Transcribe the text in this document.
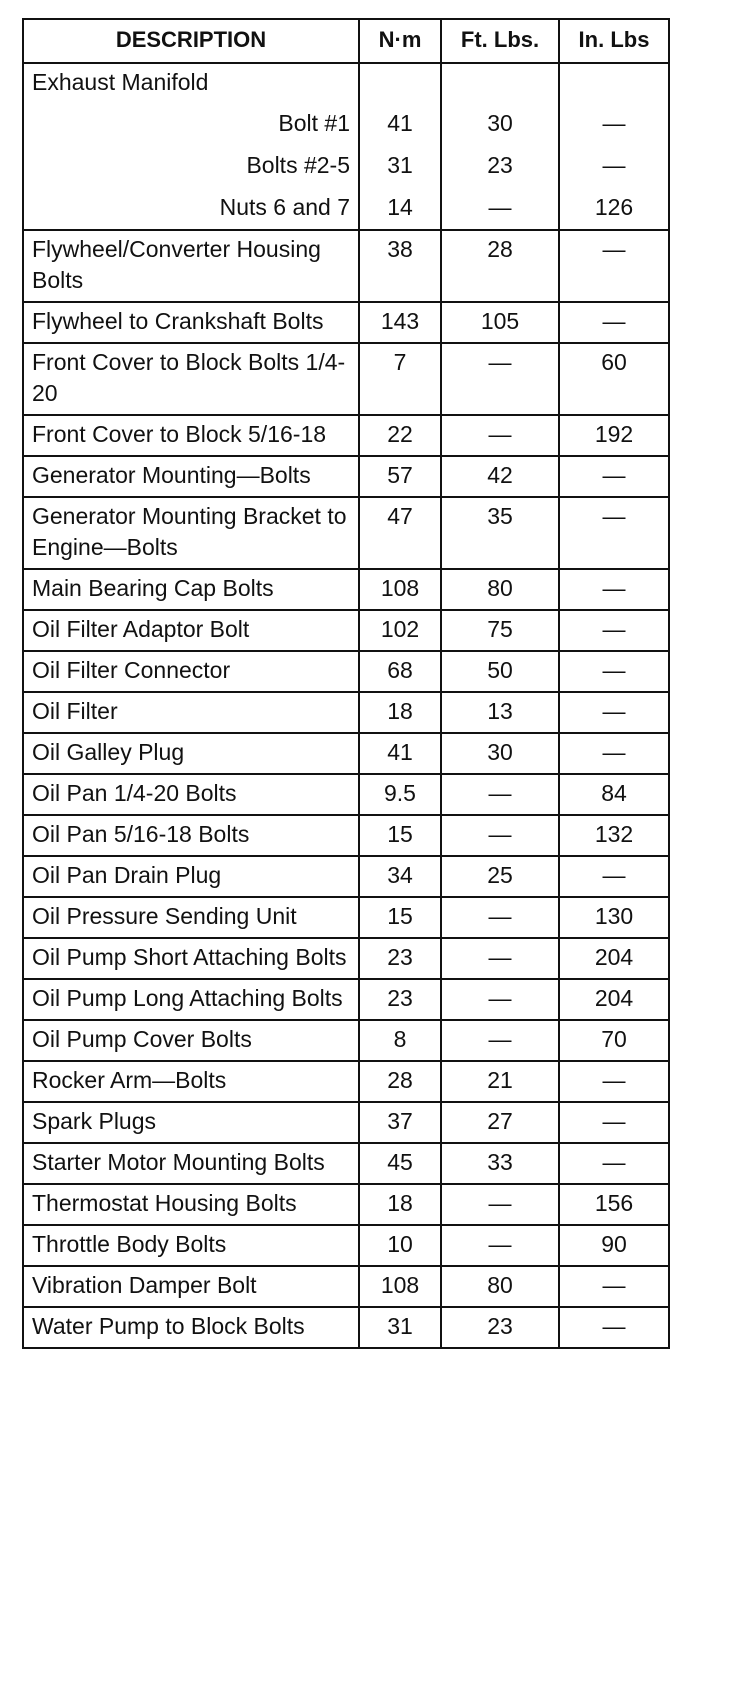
DESCRIPTION	N·m	Ft. Lbs.	In. Lbs
Exhaust Manifold			
Bolt #1	41	30	—
Bolts #2-5	31	23	—
Nuts 6 and 7	14	—	126
Flywheel/Converter Housing Bolts	38	28	—
Flywheel to Crankshaft Bolts	143	105	—
Front Cover to Block Bolts 1/4-20	7	—	60
Front Cover to Block 5/16-18	22	—	192
Generator Mounting—Bolts	57	42	—
Generator Mounting Bracket to Engine—Bolts	47	35	—
Main Bearing Cap Bolts	108	80	—
Oil Filter Adaptor Bolt	102	75	—
Oil Filter Connector	68	50	—
Oil Filter	18	13	—
Oil Galley Plug	41	30	—
Oil Pan 1/4-20 Bolts	9.5	—	84
Oil Pan 5/16-18 Bolts	15	—	132
Oil Pan Drain Plug	34	25	—
Oil Pressure Sending Unit	15	—	130
Oil Pump Short Attaching Bolts	23	—	204
Oil Pump Long Attaching Bolts	23	—	204
Oil Pump Cover Bolts	8	—	70
Rocker Arm—Bolts	28	21	—
Spark Plugs	37	27	—
Starter Motor Mounting Bolts	45	33	—
Thermostat Housing Bolts	18	—	156
Throttle Body Bolts	10	—	90
Vibration Damper Bolt	108	80	—
Water Pump to Block Bolts	31	23	—
